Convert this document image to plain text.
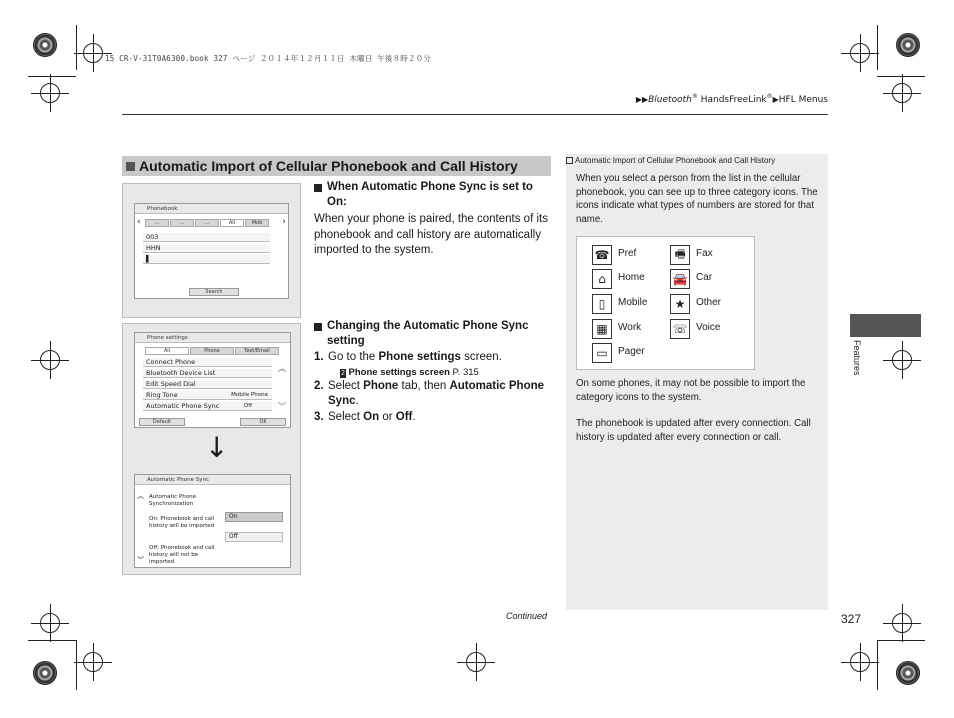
15 CR-V-31T0A6300.book 327 ページ ２０１４年１２月１１日 木曜日 午後８時２０分
▶▶Bluetooth® HandsFreeLink®▶HFL Menus
Automatic Import of Cellular Phonebook and Call History
Phonebook
...	...	...	All	Mob
‹	›
003
HHN
▌
Search
Phone settings
All	Phone	Text/Email
Connect Phone
Bluetooth Device List
Edit Speed Dial
Ring Tone	Mobile Phone
Automatic Phone Sync	Off
︽
︾
Default	OK
↓
Automatic Phone Sync
︽
︾
Automatic Phone Synchronization
On: Phonebook and call history will be imported
Off: Phonebook and call history will not be imported.
On
Off
When Automatic Phone Sync is set to On:
When your phone is paired, the contents of its phonebook and call history are automatically imported to the system.
Changing the Automatic Phone Sync setting
1. Go to the Phone settings screen.
2 Phone settings screen P. 315
2. Select Phone tab, then Automatic Phone Sync.
3. Select On or Off.
Automatic Import of Cellular Phonebook and Call History
When you select a person from the list in the cellular phonebook, you can see up to three category icons. The icons indicate what types of numbers are stored for that name.
☎ Pref	🖷	Fax
⌂	Home 🚘 Car
▯	Mobile	★	Other
▦	Work	☏ Voice
▭	Pager
On some phones, it may not be possible to import the category icons to the system.
The phonebook is updated after every connection. Call history is updated after every connection or call.
Features
Continued	327
